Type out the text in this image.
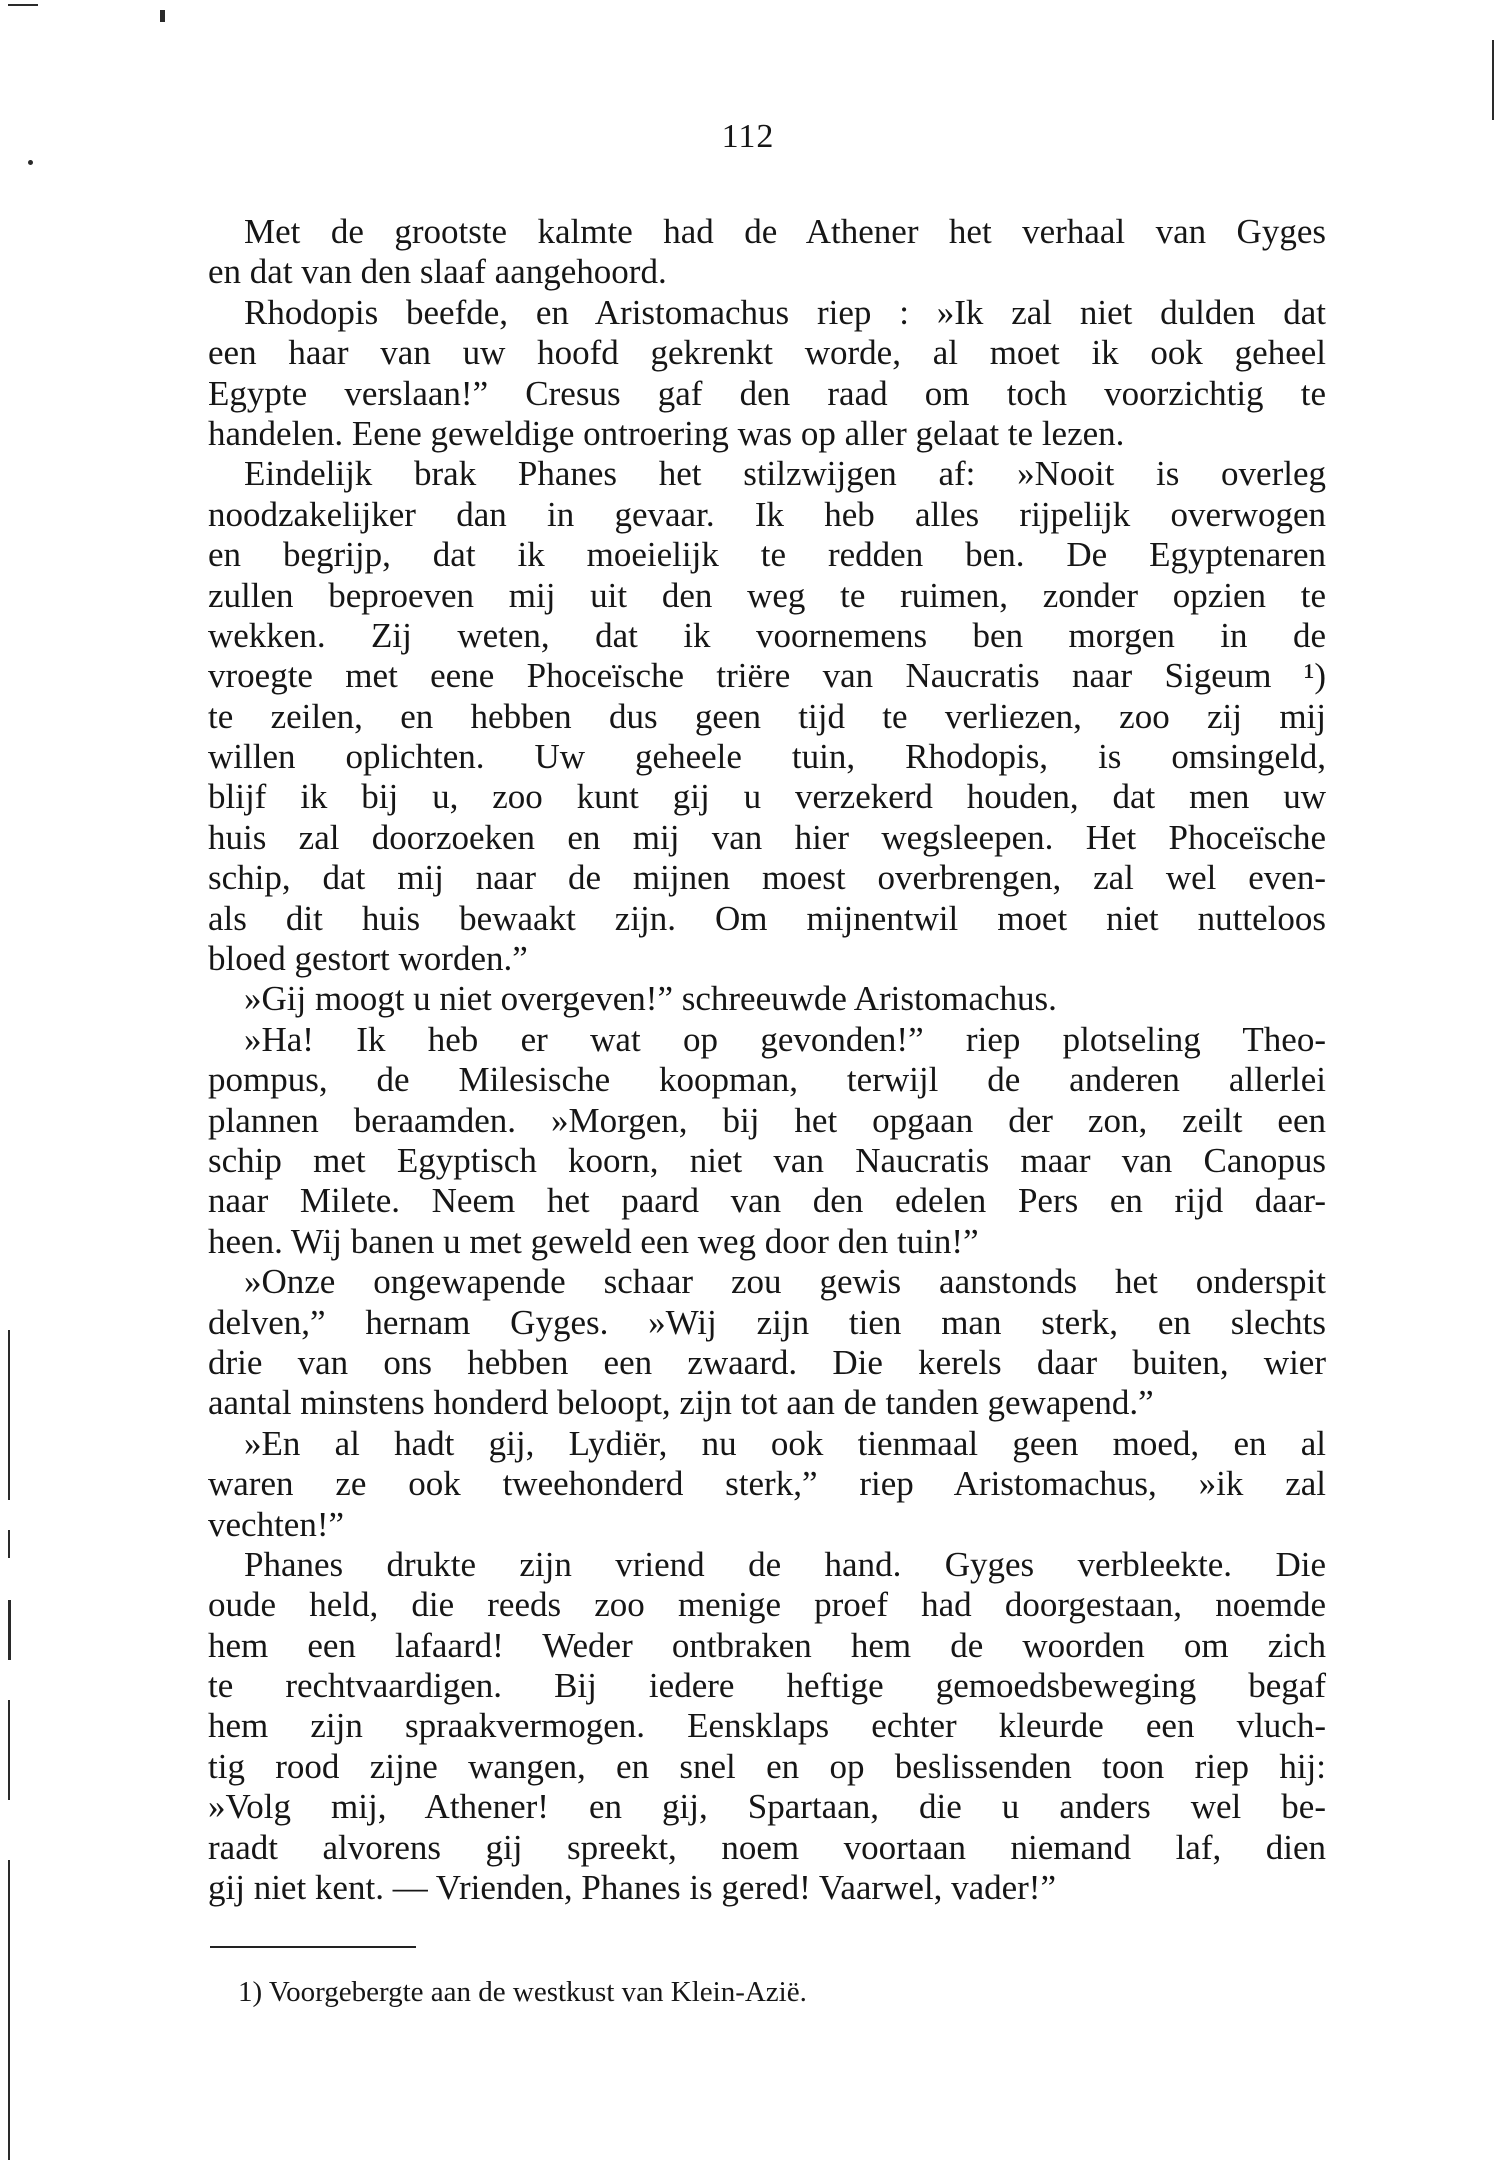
112
Met de grootste kalmte had de Athener het verhaal van Gyges
en dat van den slaaf aangehoord.
Rhodopis beefde, en Aristomachus riep : »Ik zal niet dulden dat
een haar van uw hoofd gekrenkt worde, al moet ik ook geheel
Egypte verslaan!” Cresus gaf den raad om toch voorzichtig te
handelen. Eene geweldige ontroering was op aller gelaat te lezen.
Eindelijk brak Phanes het stilzwijgen af: »Nooit is overleg
noodzakelijker dan in gevaar. Ik heb alles rijpelijk overwogen
en begrijp, dat ik moeielijk te redden ben. De Egyptenaren
zullen beproeven mij uit den weg te ruimen, zonder opzien te
wekken. Zij weten, dat ik voornemens ben morgen in de
vroegte met eene Phoceïsche triëre van Naucratis naar Sigeum ¹)
te zeilen, en hebben dus geen tijd te verliezen, zoo zij mij
willen oplichten. Uw geheele tuin, Rhodopis, is omsingeld,
blijf ik bij u, zoo kunt gij u verzekerd houden, dat men uw
huis zal doorzoeken en mij van hier wegsleepen. Het Phoceïsche
schip, dat mij naar de mijnen moest overbrengen, zal wel even-
als dit huis bewaakt zijn. Om mijnentwil moet niet nutteloos
bloed gestort worden.”
»Gij moogt u niet overgeven!” schreeuwde Aristomachus.
»Ha! Ik heb er wat op gevonden!” riep plotseling Theo-
pompus, de Milesische koopman, terwijl de anderen allerlei
plannen beraamden. »Morgen, bij het opgaan der zon, zeilt een
schip met Egyptisch koorn, niet van Naucratis maar van Canopus
naar Milete. Neem het paard van den edelen Pers en rijd daar-
heen. Wij banen u met geweld een weg door den tuin!”
»Onze ongewapende schaar zou gewis aanstonds het onderspit
delven,” hernam Gyges. »Wij zijn tien man sterk, en slechts
drie van ons hebben een zwaard. Die kerels daar buiten, wier
aantal minstens honderd beloopt, zijn tot aan de tanden gewapend.”
»En al hadt gij, Lydiër, nu ook tienmaal geen moed, en al
waren ze ook tweehonderd sterk,” riep Aristomachus, »ik zal
vechten!”
Phanes drukte zijn vriend de hand. Gyges verbleekte. Die
oude held, die reeds zoo menige proef had doorgestaan, noemde
hem een lafaard! Weder ontbraken hem de woorden om zich
te rechtvaardigen. Bij iedere heftige gemoedsbeweging begaf
hem zijn spraakvermogen. Eensklaps echter kleurde een vluch-
tig rood zijne wangen, en snel en op beslissenden toon riep hij:
»Volg mij, Athener! en gij, Spartaan, die u anders wel be-
raadt alvorens gij spreekt, noem voortaan niemand laf, dien
gij niet kent. — Vrienden, Phanes is gered! Vaarwel, vader!”
1) Voorgebergte aan de westkust van Klein-Azië.
